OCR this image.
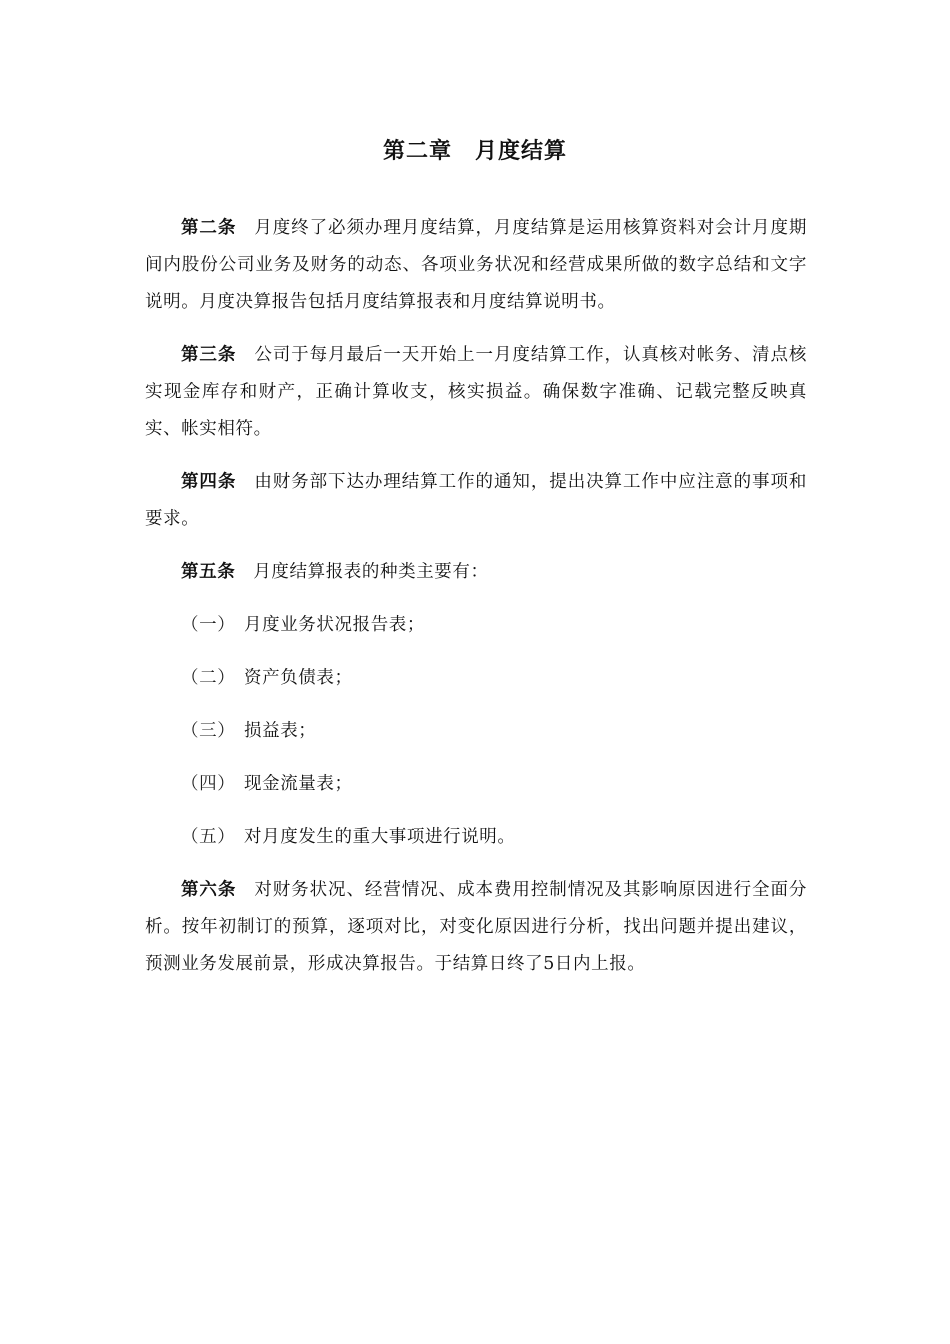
第二章　月度结算

第二条 月度终了必须办理月度结算，月度结算是运用核算资料对会计月度期间内股份公司业务及财务的动态、各项业务状况和经营成果所做的数字总结和文字说明。月度决算报告包括月度结算报表和月度结算说明书。

第三条 公司于每月最后一天开始上一月度结算工作，认真核对帐务、清点核实现金库存和财产，正确计算收支，核实损益。确保数字准确、记载完整反映真实、帐实相符。

第四条 由财务部下达办理结算工作的通知，提出决算工作中应注意的事项和要求。

第五条 月度结算报表的种类主要有：

（一） 月度业务状况报告表；
（二） 资产负债表；
（三） 损益表；
（四） 现金流量表；
（五） 对月度发生的重大事项进行说明。

第六条 对财务状况、经营情况、成本费用控制情况及其影响原因进行全面分析。按年初制订的预算，逐项对比，对变化原因进行分析，找出问题并提出建议，预测业务发展前景，形成决算报告。于结算日终了5日内上报。
